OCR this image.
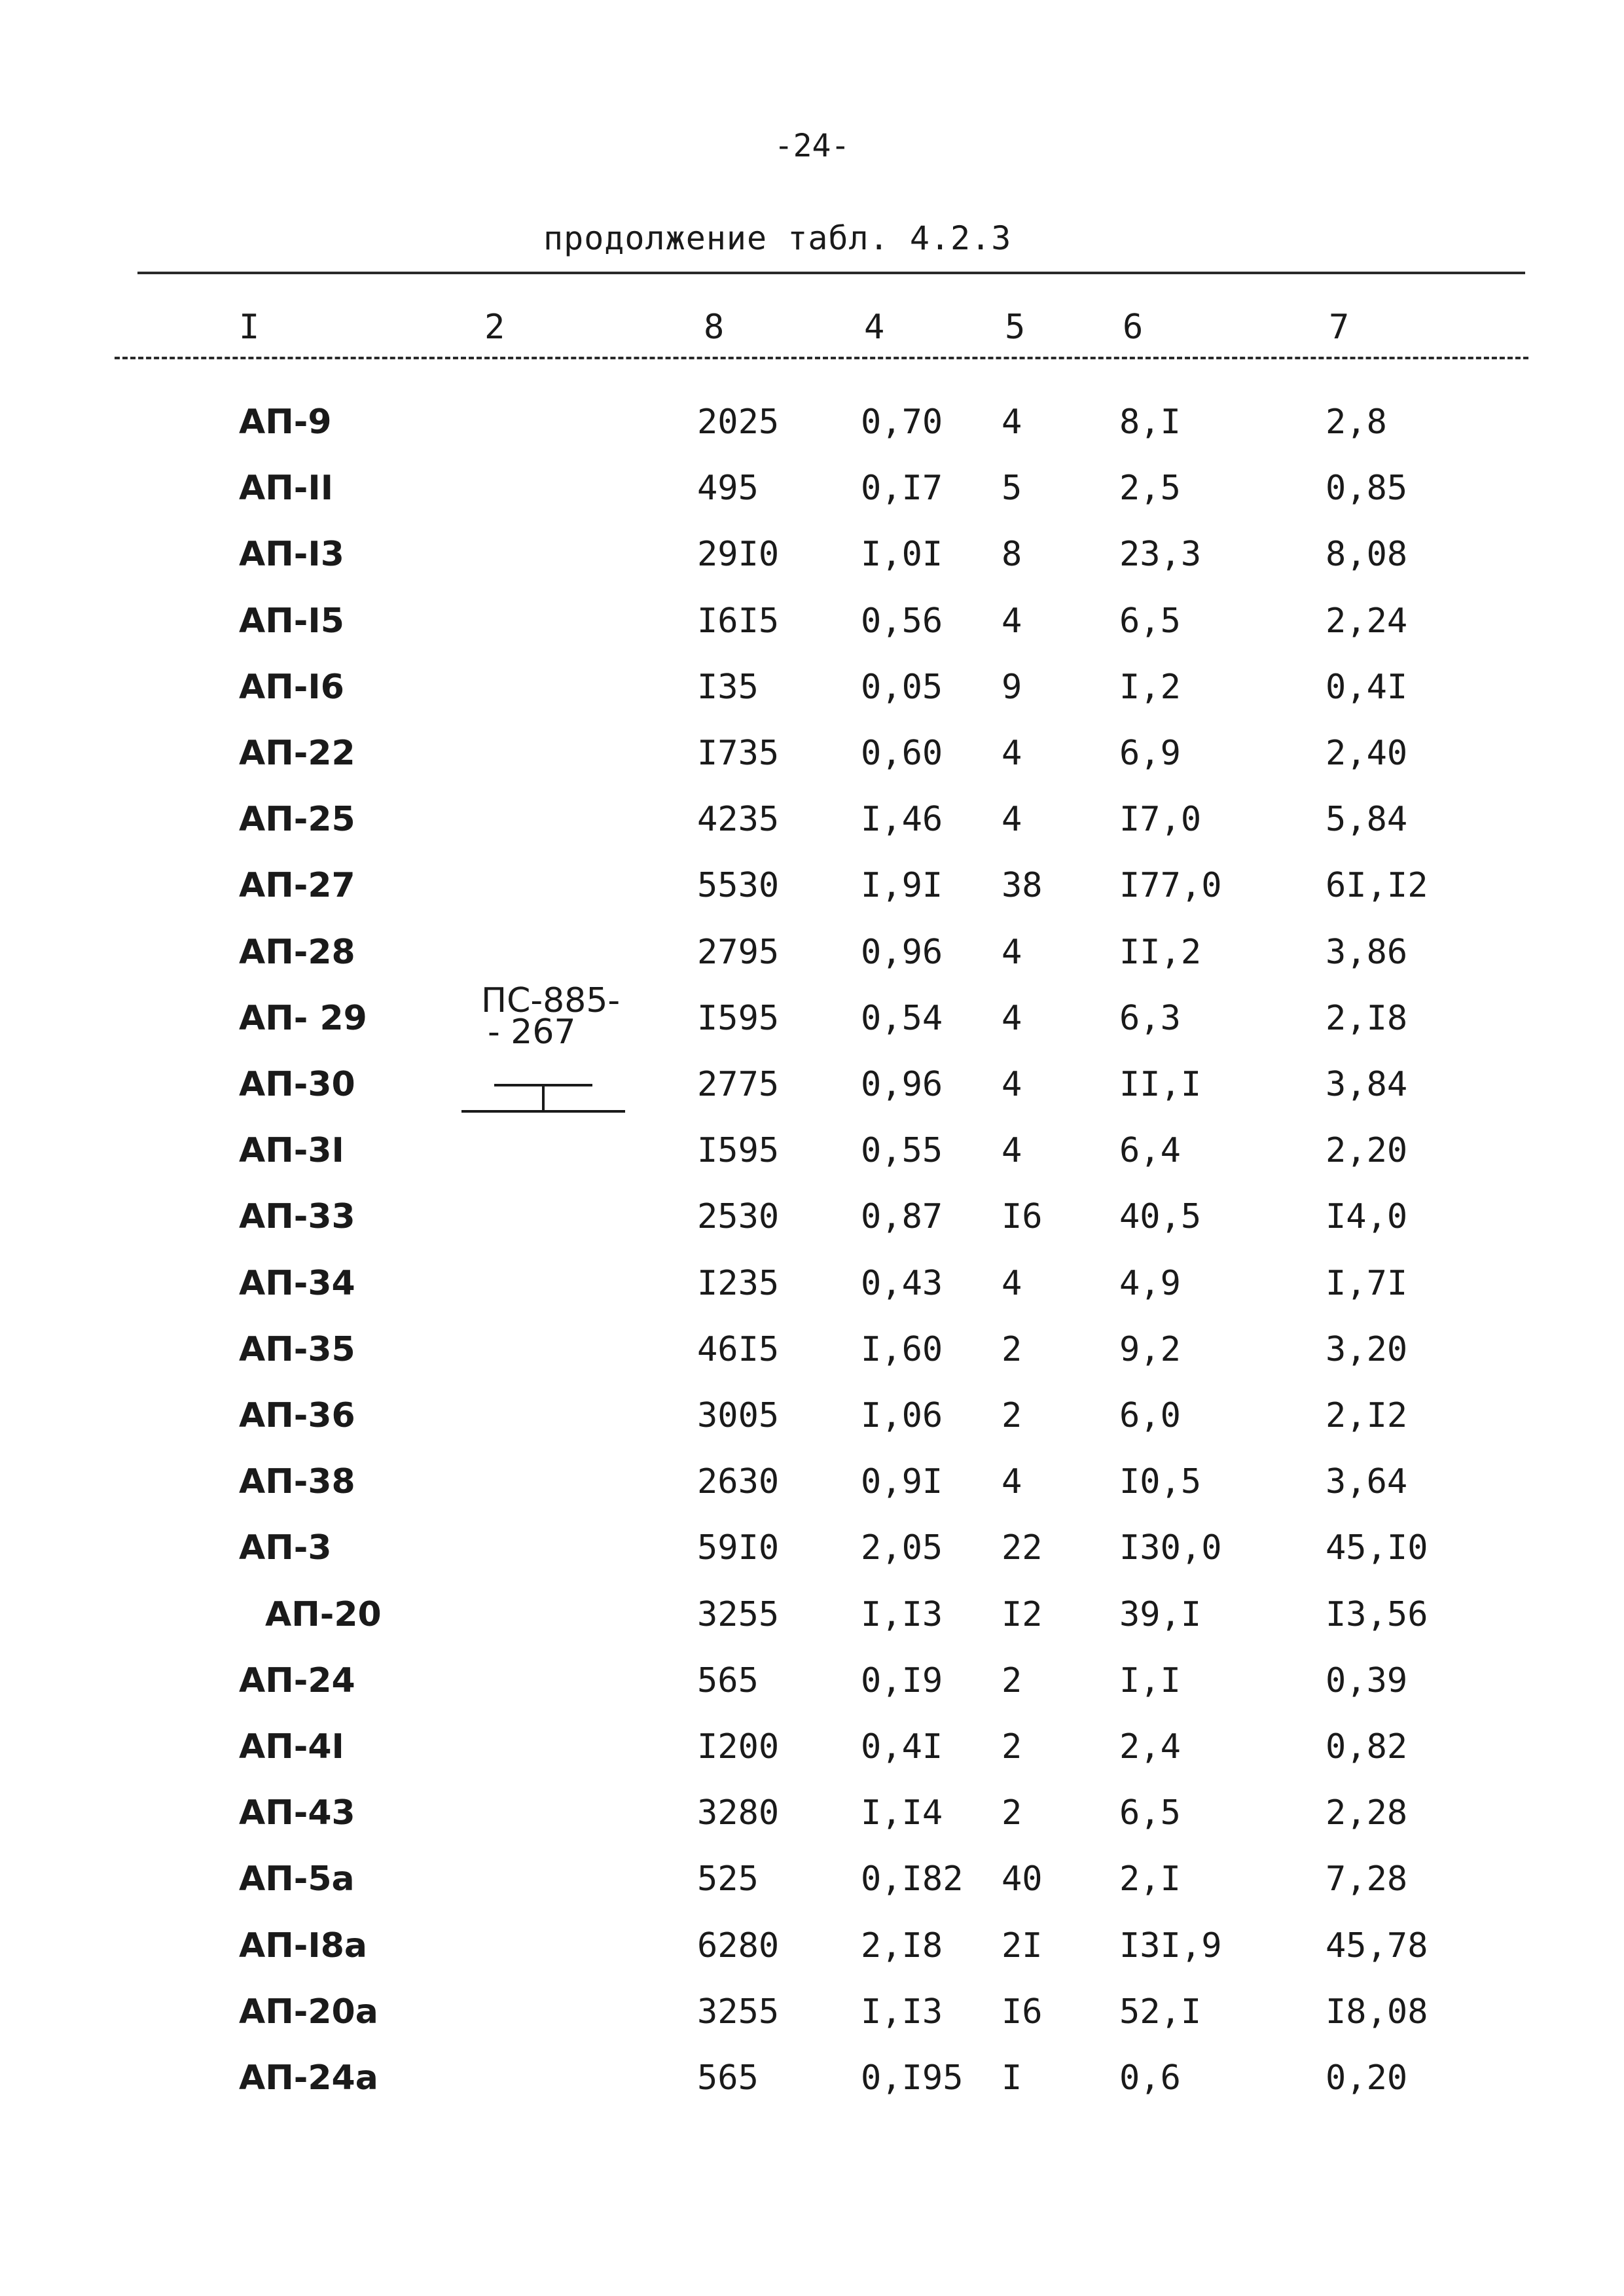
-24-
продолжение табл. 4.2.3
I	2	8	4	5	6	7
АП-9	2025 0,70 4	8,I	2,8
АП-II	495	0,I7 5	2,5	0,85
АП-I3	29I0 I,0I 8	23,3	8,08
АП-I5	I6I5 0,56 4	6,5	2,24
АП-I6	I35	0,05 9	I,2	0,4I
АП-22	I735 0,60 4	6,9	2,40
АП-25	4235 I,46 4	I7,0	5,84
АП-27	5530 I,9I 38 I77,0	6I,I2
АП-28	2795 0,96 4	II,2	3,86
АП- 29	I595 0,54 4	6,3	2,I8
АП-30	2775 0,96 4	II,I	3,84
АП-3I	I595 0,55 4	6,4	2,20
АП-33	2530 0,87 I6 40,5	I4,0
АП-34	I235 0,43 4	4,9	I,7I
АП-35	46I5 I,60 2	9,2	3,20
АП-36	3005 I,06 2	6,0	2,I2
АП-38	2630 0,9I 4	I0,5	3,64
АП-3	59I0 2,05 22 I30,0	45,I0
АП-20	3255 I,I3 I2 39,I	I3,56
АП-24	565	0,I9 2	I,I	0,39
АП-4I	I200 0,4I 2	2,4	0,82
АП-43	3280 I,I4 2	6,5	2,28
АП-5а	525	0,I82 40 2,I	7,28
АП-I8а	6280 2,I8 2I I3I,9	45,78
АП-20а	3255 I,I3 I6 52,I	I8,08
АП-24а	565	0,I95 I	0,6	0,20
ПС-885-
- 267
